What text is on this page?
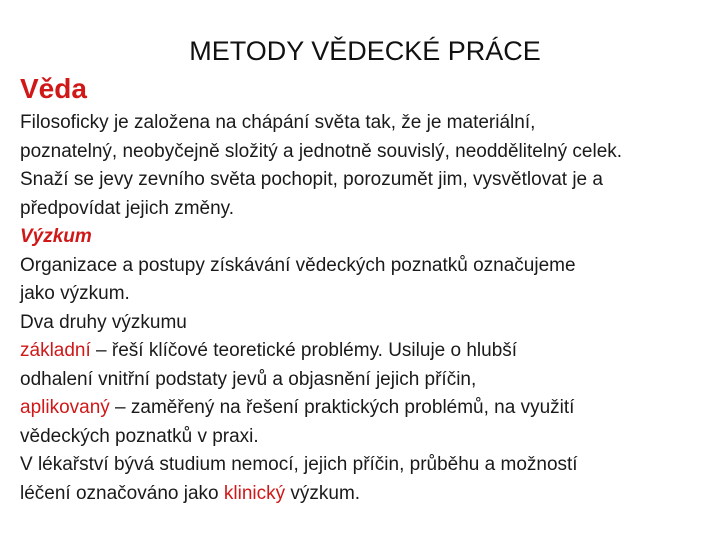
METODY VĚDECKÉ PRÁCE
Věda
Filosoficky je založena na chápání světa tak, že je materiální,
poznatelný, neobyčejně složitý a jednotně souvislý, neoddělitelný celek.
Snaží se jevy zevního světa pochopit, porozumět jim, vysvětlovat je a
předpovídat jejich změny.
Výzkum
Organizace a postupy získávání vědeckých poznatků označujeme
jako výzkum.
Dva druhy výzkumu
základní – řeší klíčové teoretické problémy. Usiluje o hlubší
odhalení vnitřní podstaty jevů a objasnění jejich příčin,
aplikovaný – zaměřený na řešení praktických problémů, na využití
vědeckých poznatků v praxi.
V lékařství bývá studium nemocí, jejich příčin, průběhu a možností
léčení označováno jako klinický výzkum.
